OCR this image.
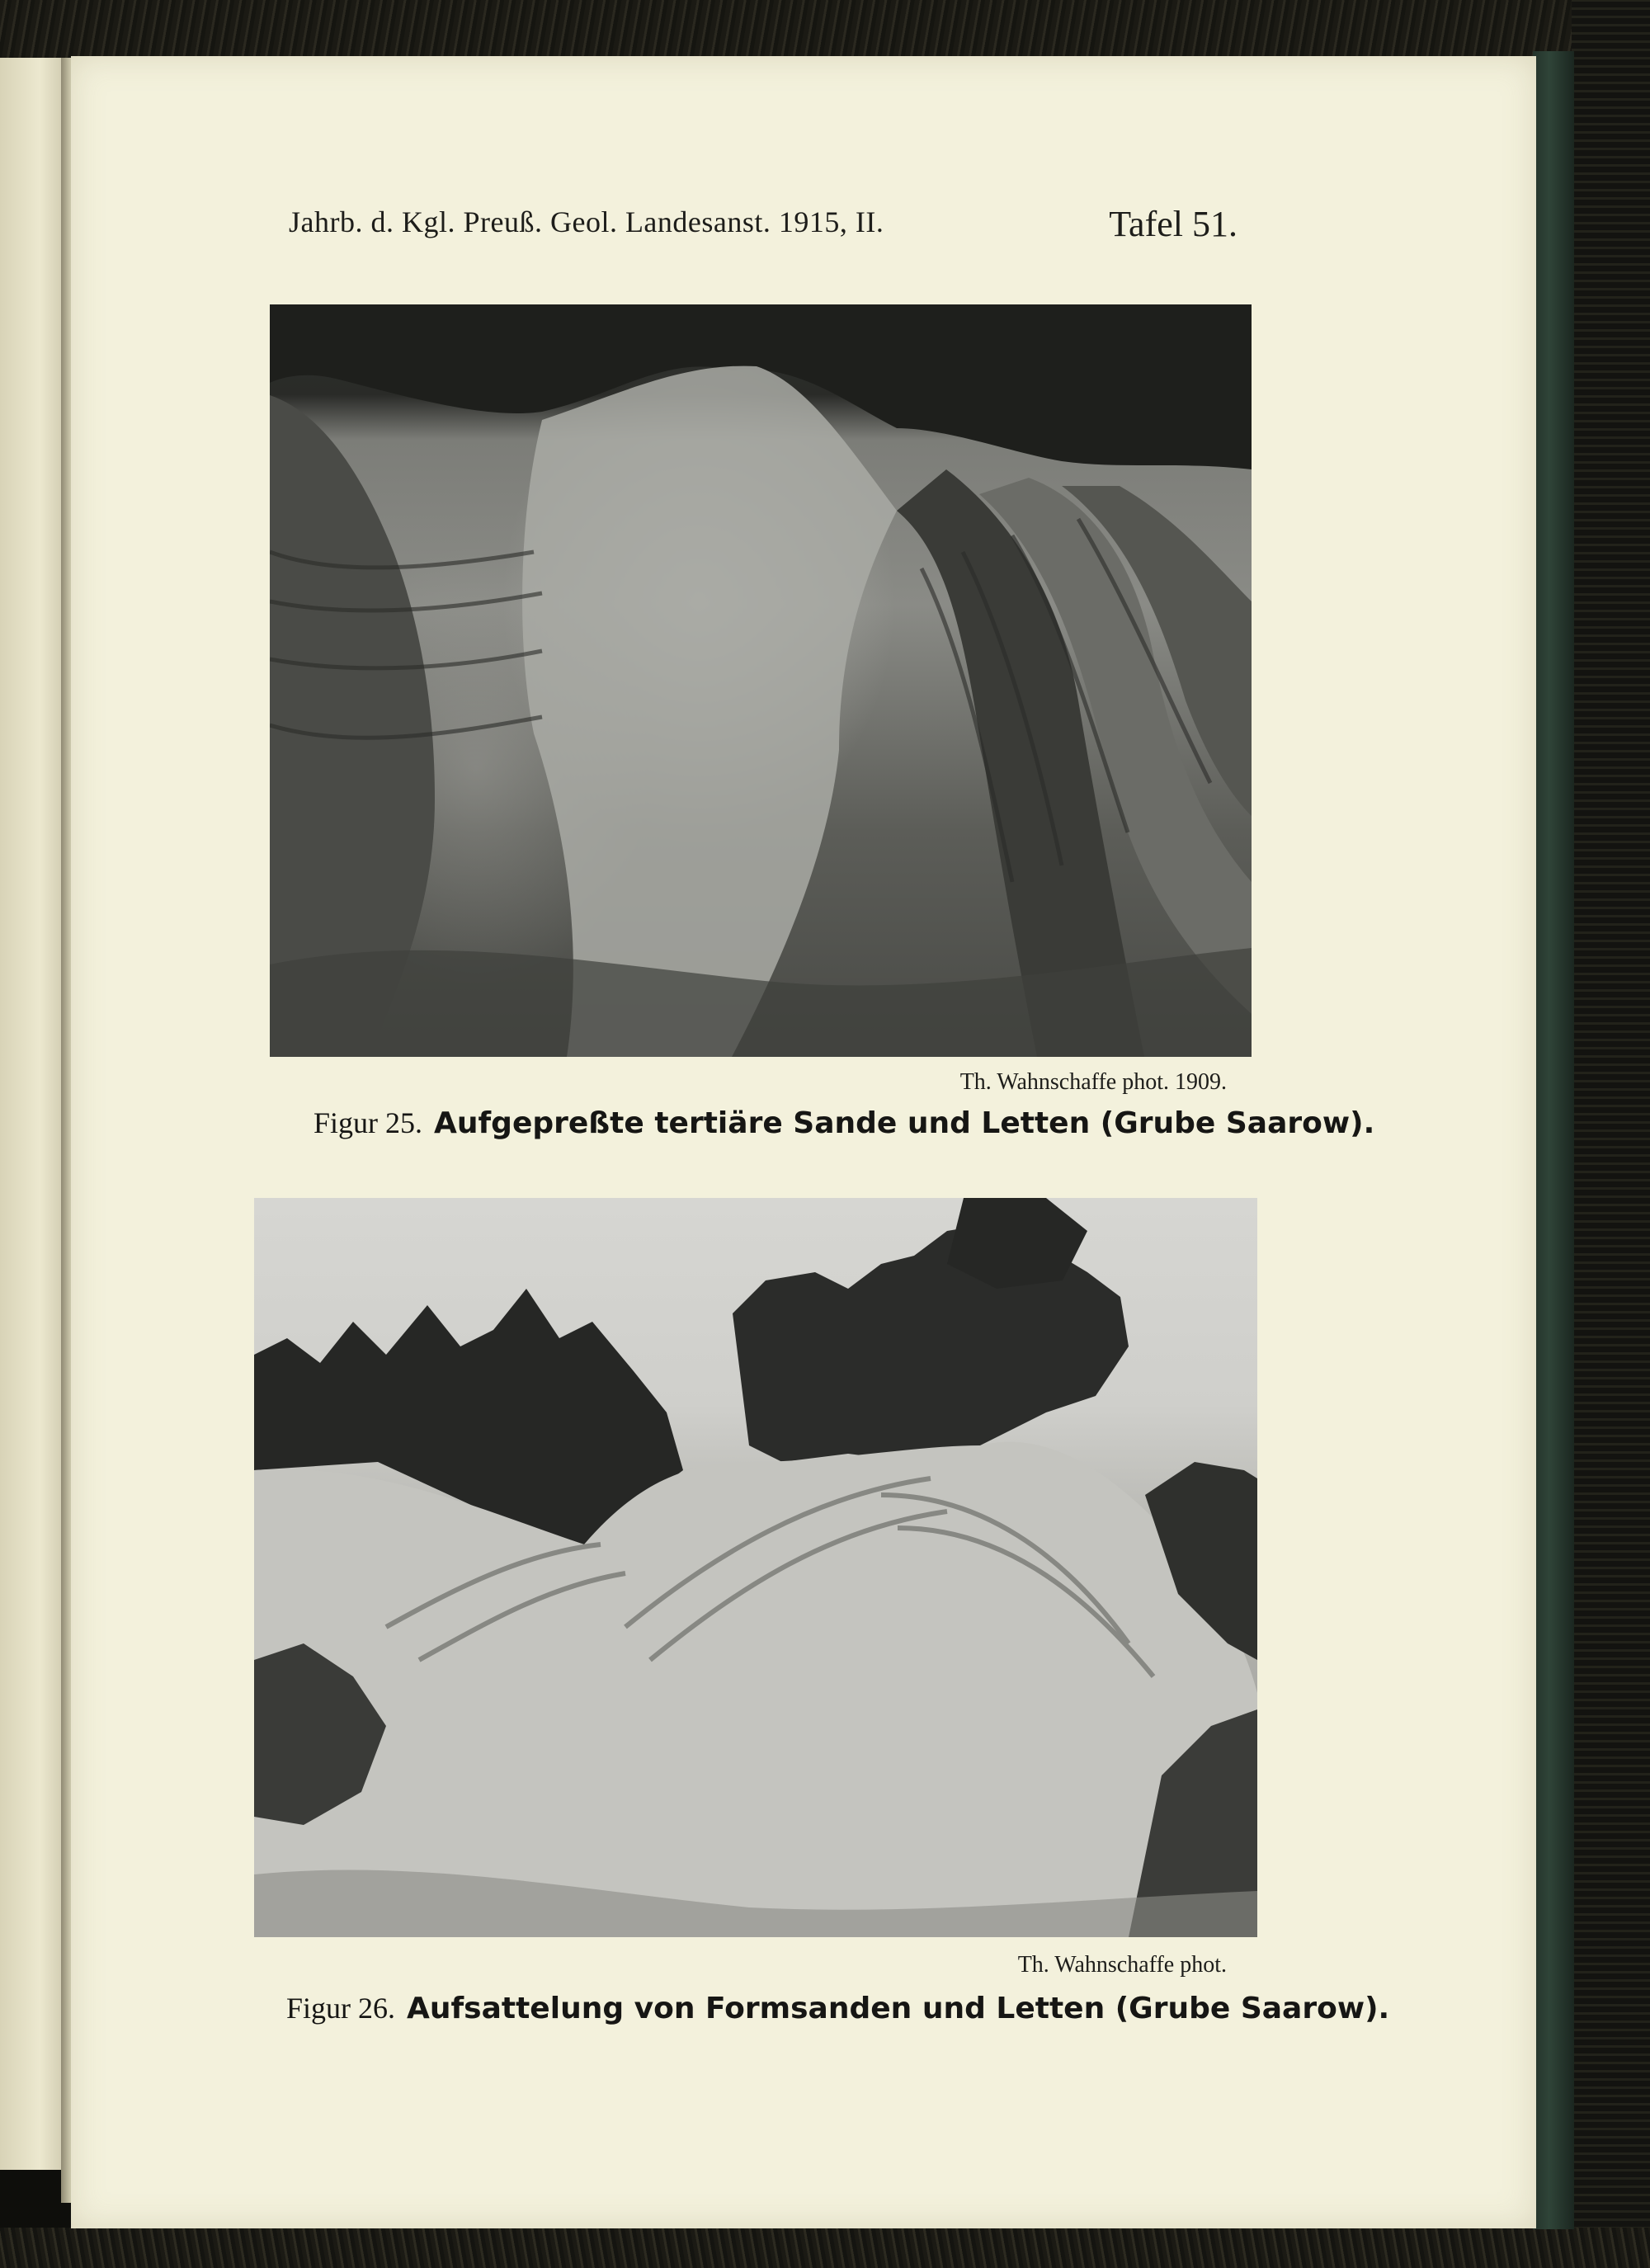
Jahrb. d. Kgl. Preuß. Geol. Landesanst. 1915, II.	Tafel 51.
Th. Wahnschaffe phot. 1909.
Figur 25. Aufgepreßte tertiäre Sande und Letten (Grube Saarow).
Th. Wahnschaffe phot.
Figur 26. Aufsattelung von Formsanden und Letten (Grube Saarow).
